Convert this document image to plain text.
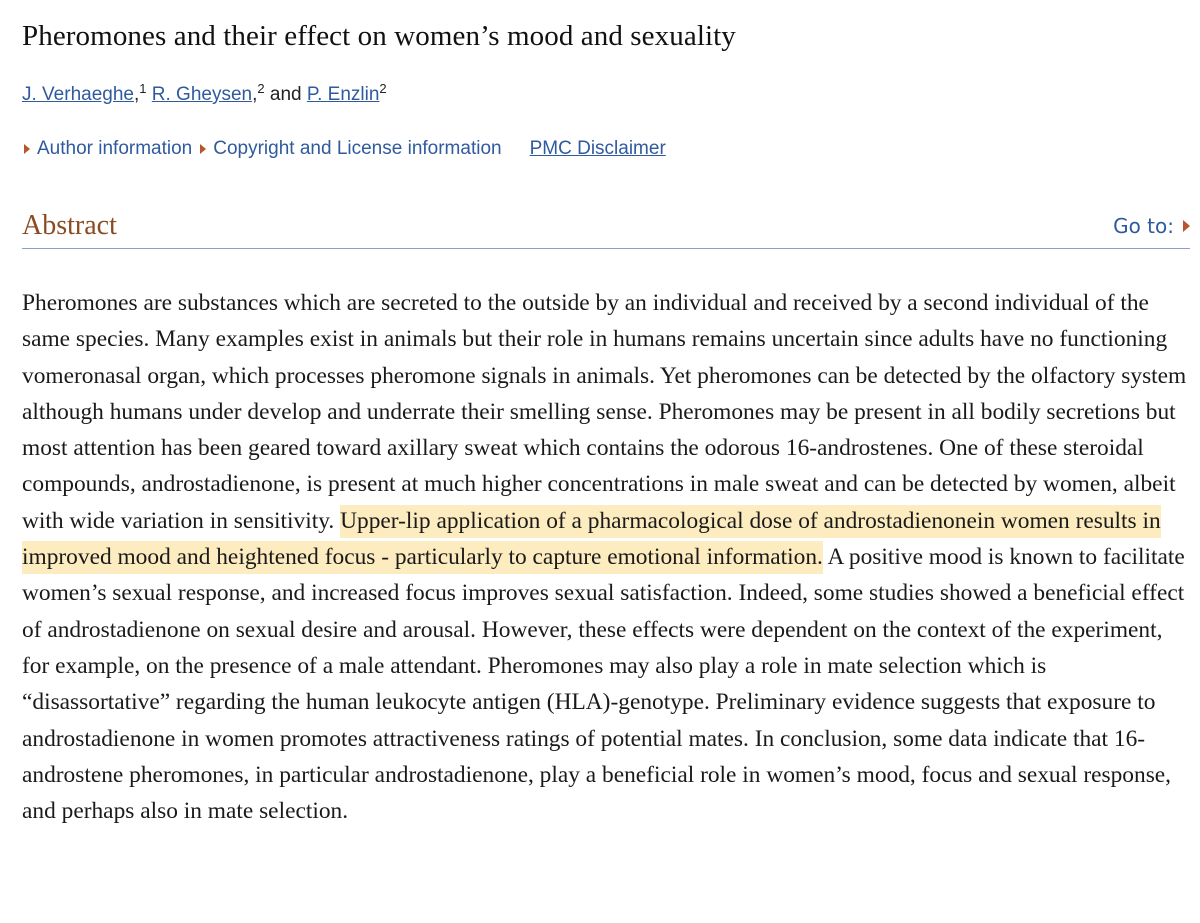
Pheromones and their effect on women’s mood and sexuality
J. Verhaeghe,$^1$ R. Gheysen,$^2$ and P. Enzlin$^2$
Author information Copyright and License information PMC Disclaimer
Abstract	Go to:

Pheromones are substances which are secreted to the outside by an individual and received by a second individual of the same species. Many examples exist in animals but their role in humans remains uncertain since adults have no functioning vomeronasal organ, which processes pheromone signals in animals. Yet pheromones can be detected by the olfactory system although humans under develop and underrate their smelling sense. Pheromones may be present in all bodily secretions but most attention has been geared toward axillary sweat which contains the odorous 16-androstenes. One of these steroidal compounds, androstadienone, is present at much higher concentrations in male sweat and can be detected by women, albeit with wide variation in sensitivity. Upper-lip application of a pharmacological dose of androstadienonein women results in improved mood and heightened focus - particularly to capture emotional information. A positive mood is known to facilitate women’s sexual response, and increased focus improves sexual satisfaction. Indeed, some studies showed a beneficial effect of androstadienone on sexual desire and arousal. However, these effects were dependent on the context of the experiment, for example, on the presence of a male attendant. Pheromones may also play a role in mate selection which is “disassortative” regarding the human leukocyte antigen (HLA)-genotype. Preliminary evidence suggests that exposure to androstadienone in women promotes attractiveness ratings of potential mates. In conclusion, some data indicate that 16-androstene pheromones, in particular androstadienone, play a beneficial role in women’s mood, focus and sexual response, and perhaps also in mate selection.
